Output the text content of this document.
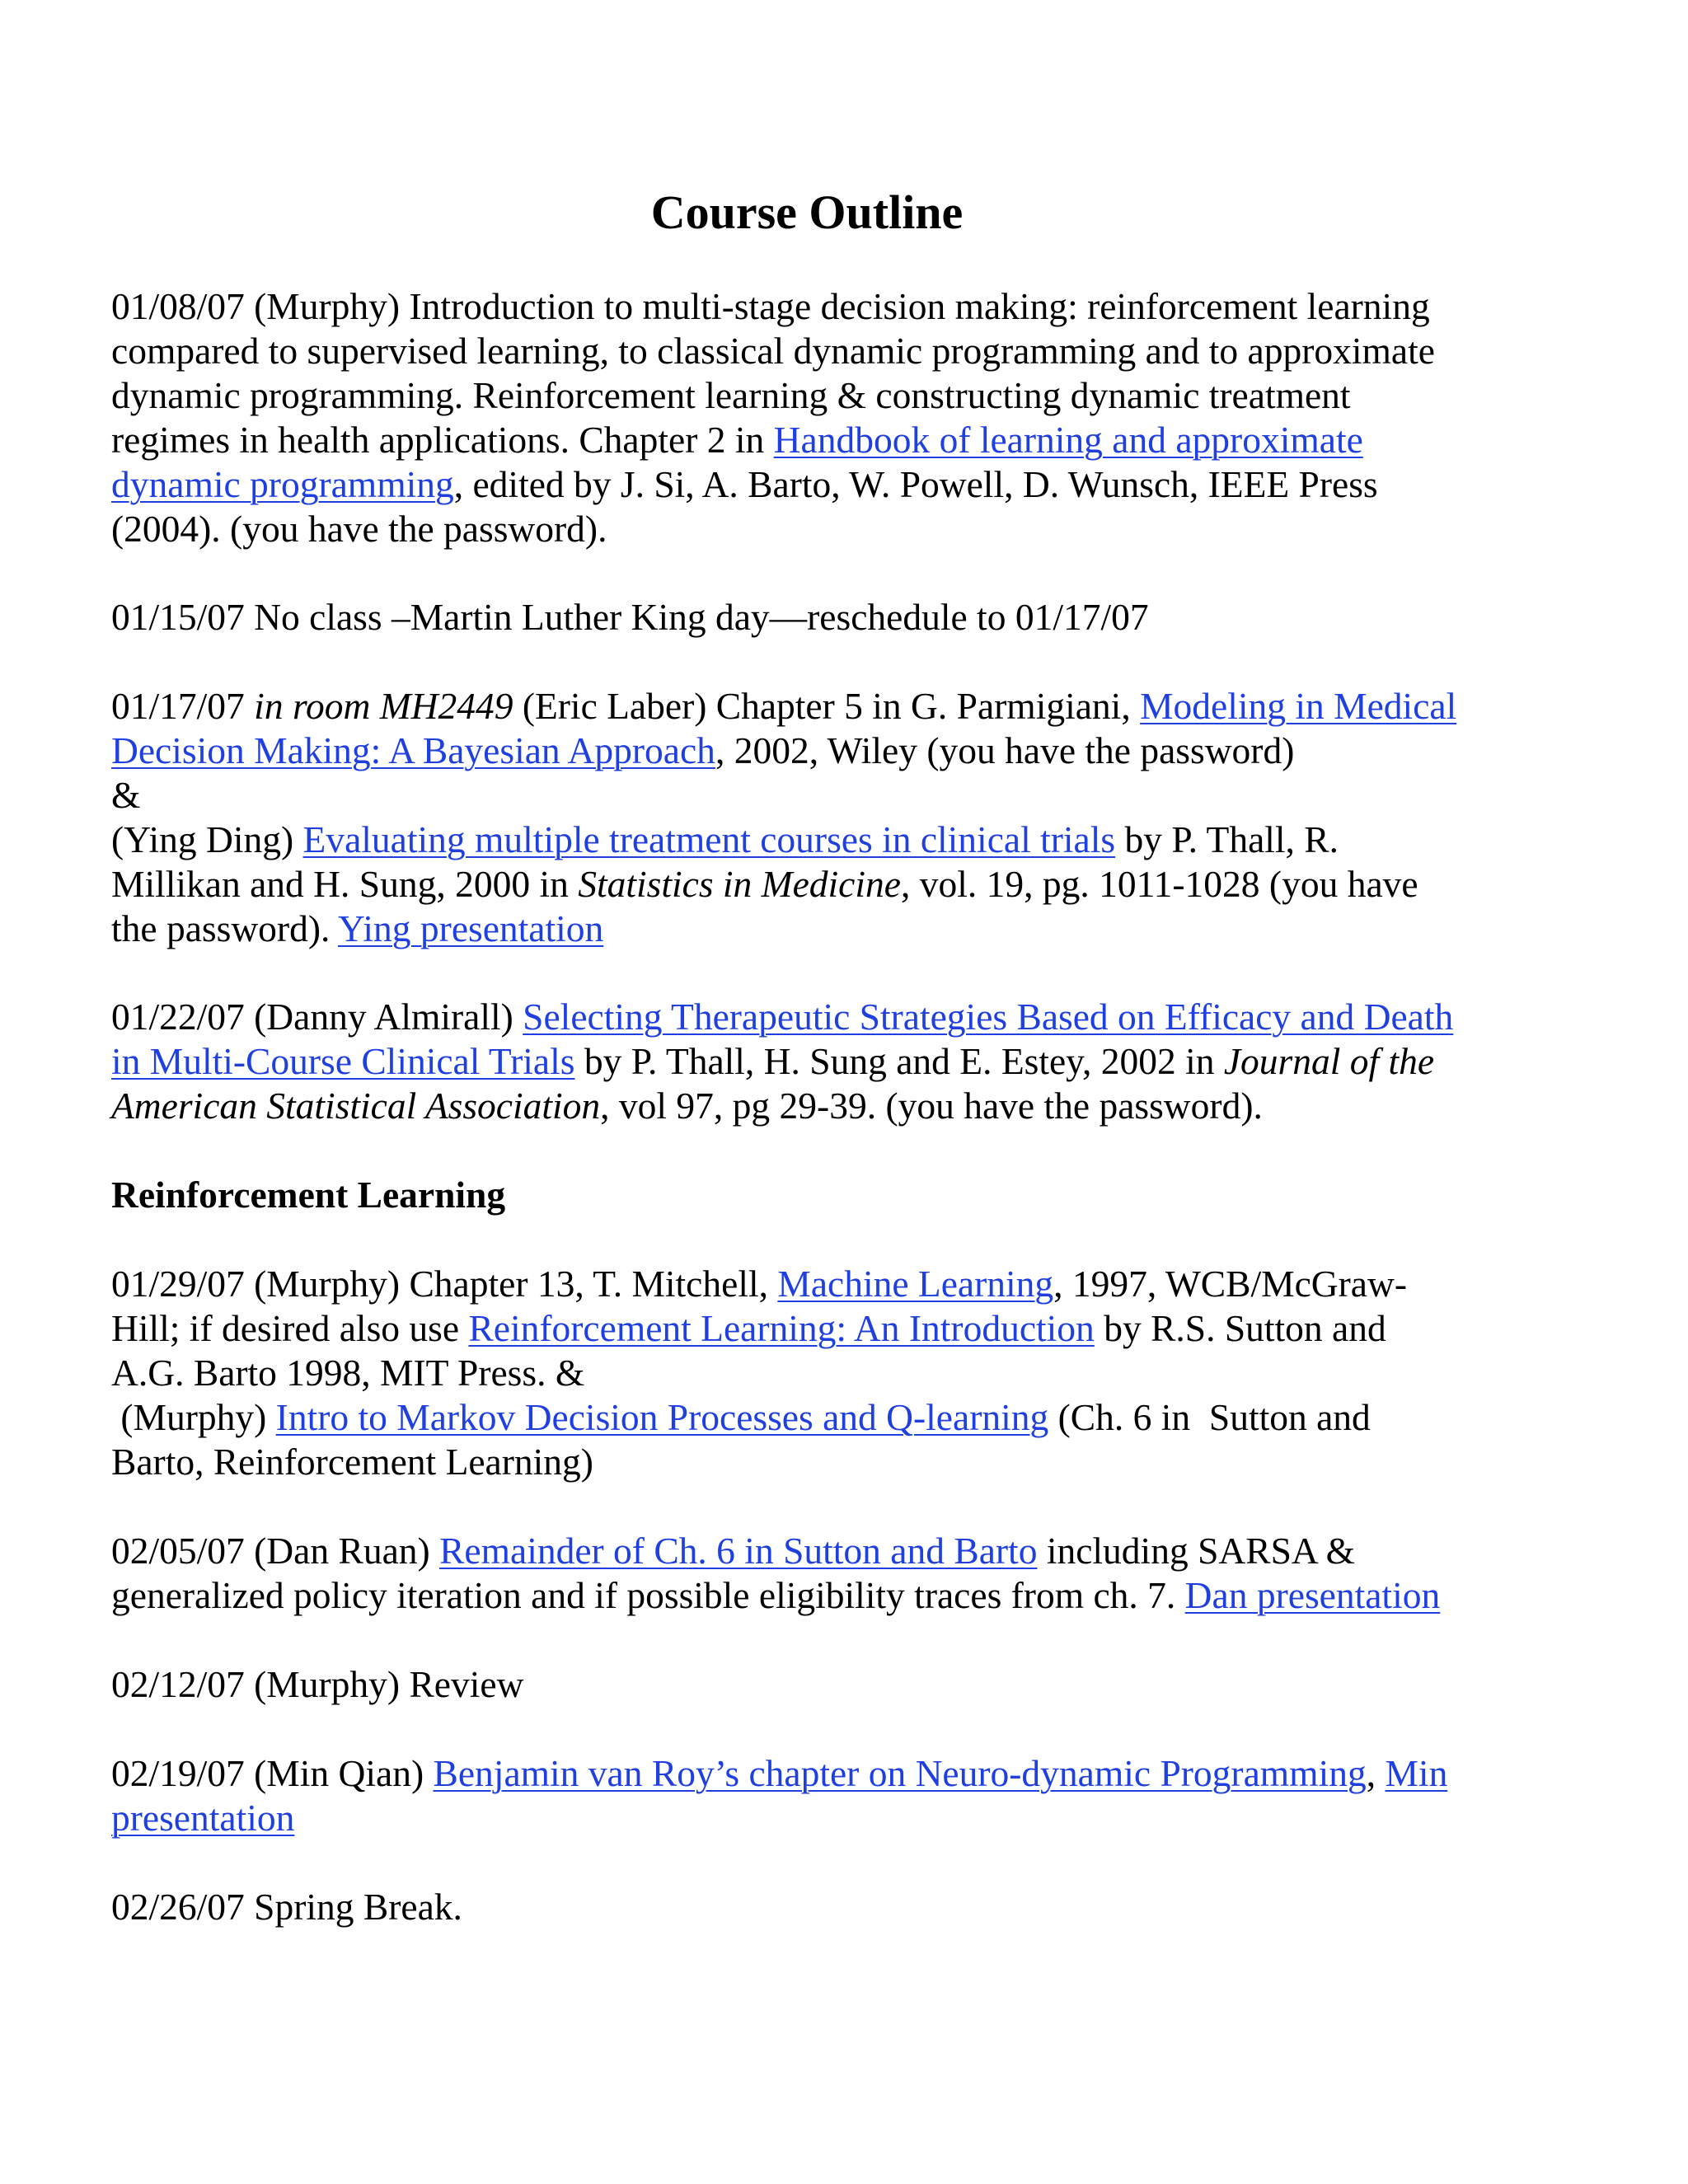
Course Outline
01/08/07 (Murphy) Introduction to multi-stage decision making: reinforcement learning
compared to supervised learning, to classical dynamic programming and to approximate
dynamic programming. Reinforcement learning & constructing dynamic treatment
regimes in health applications. Chapter 2 in Handbook of learning and approximate
dynamic programming, edited by J. Si, A. Barto, W. Powell, D. Wunsch, IEEE Press
(2004). (you have the password).
01/15/07 No class –Martin Luther King day—reschedule to 01/17/07
01/17/07 in room MH2449 (Eric Laber) Chapter 5 in G. Parmigiani, Modeling in Medical
Decision Making: A Bayesian Approach, 2002, Wiley (you have the password)
&
(Ying Ding) Evaluating multiple treatment courses in clinical trials by P. Thall, R.
Millikan and H. Sung, 2000 in Statistics in Medicine, vol. 19, pg. 1011-1028 (you have
the password). Ying presentation
01/22/07 (Danny Almirall) Selecting Therapeutic Strategies Based on Efficacy and Death
in Multi-Course Clinical Trials by P. Thall, H. Sung and E. Estey, 2002 in Journal of the
American Statistical Association, vol 97, pg 29-39. (you have the password).
Reinforcement Learning
01/29/07 (Murphy) Chapter 13, T. Mitchell, Machine Learning, 1997, WCB/McGraw-
Hill; if desired also use Reinforcement Learning: An Introduction by R.S. Sutton and
A.G. Barto 1998, MIT Press. &
(Murphy) Intro to Markov Decision Processes and Q-learning (Ch. 6 in  Sutton and
Barto, Reinforcement Learning)
02/05/07 (Dan Ruan) Remainder of Ch. 6 in Sutton and Barto including SARSA &
generalized policy iteration and if possible eligibility traces from ch. 7. Dan presentation
02/12/07 (Murphy) Review
02/19/07 (Min Qian) Benjamin van Roy’s chapter on Neuro-dynamic Programming, Min
presentation
02/26/07 Spring Break.
